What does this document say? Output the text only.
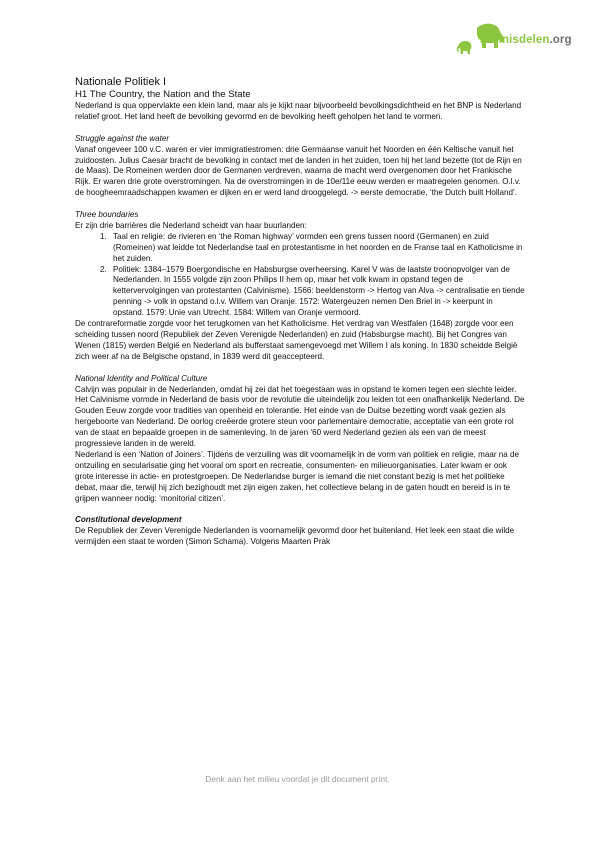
Kennisdelen.org

Nationale Politiek I

H1 The Country, the Nation and the State

Nederland is qua oppervlakte een klein land, maar als je kijkt naar bijvoorbeeld bevolkingsdichtheid en het BNP is Nederland relatief groot. Het land heeft de bevolking gevormd en de bevolking heeft geholpen het land te vormen.

Struggle against the water

Vanaf ongeveer 100 v.C. waren er vier immigratiestromen: drie Germaanse vanuit het Noorden en één Keltische vanuit het zuidoosten. Julius Caesar bracht de bevolking in contact met de landen in het zuiden, toen hij het land bezette (tot de Rijn en de Maas). De Romeinen werden door de Germanen verdreven, waarna de macht werd overgenomen door het Frankische Rijk. Er waren drie grote overstromingen. Na de overstromingen in de 10e/11e eeuw werden er maatregelen genomen. O.l.v. de hoogheemraadschappen kwamen er dijken en er werd land drooggelegd. -> eerste democratie, ‘the Dutch built Holland’.

Three boundaries

Er zijn drie barrières die Nederland scheidt van haar buurlanden:

1. Taal en religie: de rivieren en ‘the Roman highway’ vormden een grens tussen noord (Germanen) en zuid (Romeinen) wat leidde tot Nederlandse taal en protestantisme in het noorden en de Franse taal en Katholicisme in het zuiden.
2. Politiek: 1384–1579 Boergondische en Habsburgse overheersing. Karel V was de laatste troonopvolger van de Nederlanden. In 1555 volgde zijn zoon Philips II hem op, maar het volk kwam in opstand tegen de kettervervolgingen van protestanten (Calvinisme). 1566: beeldenstorm -> Hertog van Alva -> centralisatie en tiende penning -> volk in opstand o.l.v. Willem van Oranje. 1572: Watergeuzen nemen Den Briel in -> keerpunt in opstand. 1579: Unie van Utrecht. 1584: Willem van Oranje vermoord.

De contrareformatie zorgde voor het terugkomen van het Katholicisme. Het verdrag van Westfalen (1648) zorgde voor een scheiding tussen noord (Republiek der Zeven Verenigde Nederlanden) en zuid (Habsburgse macht). Bij het Congres van Wenen (1815) werden België en Nederland als bufferstaat samengevoegd met Willem I als koning. In 1830 scheidde België zich weer af na de Belgische opstand, in 1839 werd dit geaccepteerd.

National Identity and Political Culture

Calvijn was populair in de Nederlanden, omdat hij zei dat het toegestaan was in opstand te komen tegen een slechte leider. Het Calvinisme vormde in Nederland de basis voor de revolutie die uiteindelijk zou leiden tot een onafhankelijk Nederland. De Gouden Eeuw zorgde voor tradities van openheid en tolerantie. Het einde van de Duitse bezetting wordt vaak gezien als hergeboorte van Nederland. De oorlog creëerde grotere steun voor parlementaire democratie, acceptatie van een grote rol van de staat en bepaalde groepen in de samenleving. In de jaren ‘60 werd Nederland gezien als een van de meest progressieve landen in de wereld.

Nederland is een ‘Nation of Joiners’. Tijdens de verzuiling was dit voornamelijk in de vorm van politiek en religie, maar na de ontzuiling en secularisatie ging het vooral om sport en recreatie, consumenten- en milieuorganisaties. Later kwam er ook grote interesse in actie- en protestgroepen. De Nederlandse burger is iemand die niet constant bezig is met het politieke debat, maar die, terwijl hij zich bezighoudt met zijn eigen zaken, het collectieve belang in de gaten houdt en bereid is in te grijpen wanneer nodig: ‘monitorial citizen’.

Constitutional development

De Republiek der Zeven Verenigde Nederlanden is voornamelijk gevormd door het buitenland. Het leek een staat die wilde vermijden een staat te worden (Simon Schama). Volgens Maarten Prak

Denk aan het milieu voordat je dit document print.
